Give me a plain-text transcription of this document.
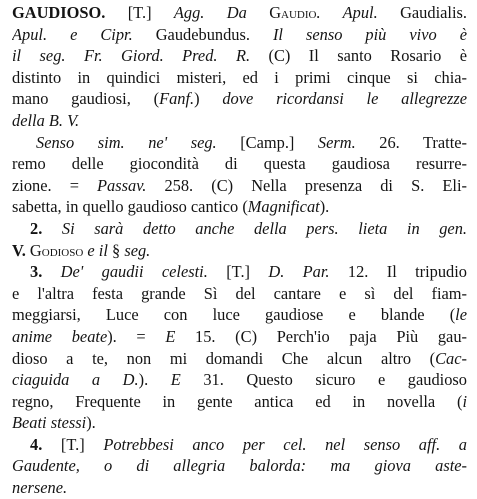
GAUDIOSO. [T.] Agg. Da Gaudio. Apul. Gaudialis.
Apul. e Cipr. Gaudebundus. Il senso più vivo è
il seg. Fr. Giord. Pred. R. (C) Il santo Rosario è
distinto in quindici misteri, ed i primi cinque si chia-
mano gaudiosi, (Fanf.) dove ricordansi le allegrezze
della B. V.
Senso sim. ne' seg. [Camp.] Serm. 26. Tratte-
remo delle giocondità di questa gaudiosa resurre-
zione. = Passav. 258. (C) Nella presenza di S. Eli-
sabetta, in quello gaudioso cantico (Magnificat).
2. Si sarà detto anche della pers. lieta in gen.
V. Godioso e il § seg.
3. De' gaudii celesti. [T.] D. Par. 12. Il tripudio
e l'altra festa grande Sì del cantare e sì del fiam-
meggiarsi, Luce con luce gaudiose e blande (le
anime beate). = E 15. (C) Perch'io paja Più gau-
dioso a te, non mi domandi Che alcun altro (Cac-
ciaguida a D.). E 31. Questo sicuro e gaudioso
regno, Frequente in gente antica ed in novella (i
Beati stessi).
4. [T.] Potrebbesi anco per cel. nel senso aff. a
Gaudente, o di allegria balorda: ma giova aste-
nersene.
